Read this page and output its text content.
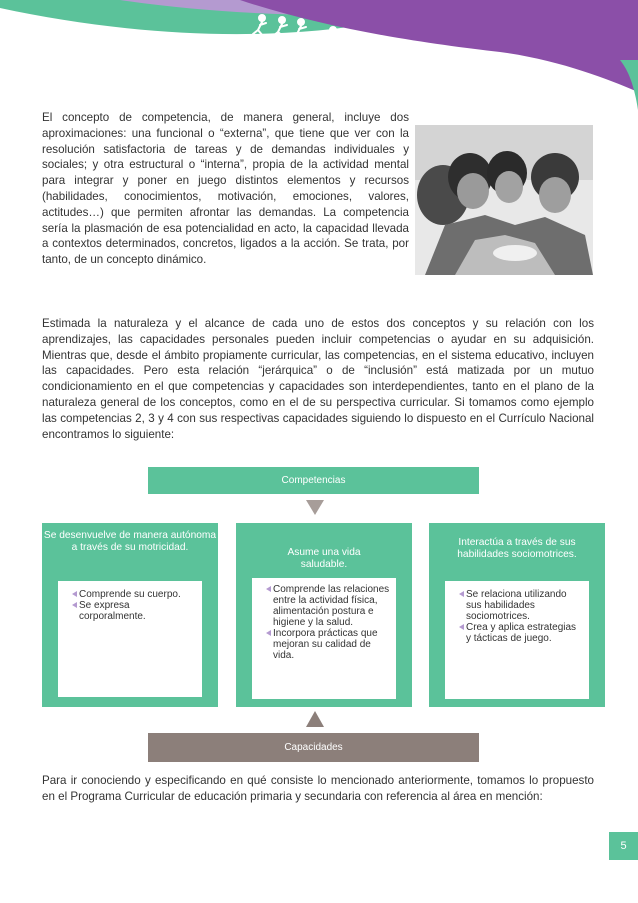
El concepto de competencia, de manera general, incluye dos aproximaciones: una funcional o “externa”, que tiene que ver con la resolución satisfactoria de tareas y de demandas individuales y sociales; y otra estructural o “interna”, propia de la actividad mental para integrar y poner en juego distintos elementos y recursos (habilidades, conocimientos, motivación, emociones, valores, actitudes…) que permiten afrontar las demandas. La competencia sería la plasmación de esa potencialidad en acto, la capacidad llevada a contextos determinados, concretos, ligados a la acción. Se trata, por tanto, de un concepto dinámico.

Estimada la naturaleza y el alcance de cada uno de estos dos conceptos y su relación con los aprendizajes, las capacidades personales pueden incluir competencias o ayudar en su adquisición. Mientras que, desde el ámbito propiamente curricular, las competencias, en el sistema educativo, incluyen las capacidades. Pero esta relación “jerárquica” o de “inclusión” está matizada por un mutuo condicionamiento en el que competencias y capacidades son interdependientes, tanto en el plano de la naturaleza general de los conceptos, como en el de su perspectiva curricular. Si tomamos como ejemplo las competencias 2, 3 y 4 con sus respectivas capacidades siguiendo lo dispuesto en el Currículo Nacional encontramos lo siguiente:

Competencias
Se desenvuelve de manera autónoma a través de su motricidad.
Comprende su cuerpo.
Se expresa corporalmente.
Asume una vida saludable.
Comprende las relaciones entre la actividad física, alimentación postura e higiene y la salud.
Incorpora prácticas que mejoran su calidad de vida.
Interactúa a través de sus habilidades sociomotrices.
Se relaciona utilizando sus habilidades sociomotrices.
Crea y aplica estrategias y tácticas de juego.
Capacidades

Para ir conociendo y especificando en qué consiste lo mencionado anteriormente, tomamos lo propuesto en el Programa Curricular de educación primaria y secundaria con referencia al área en mención:

5
